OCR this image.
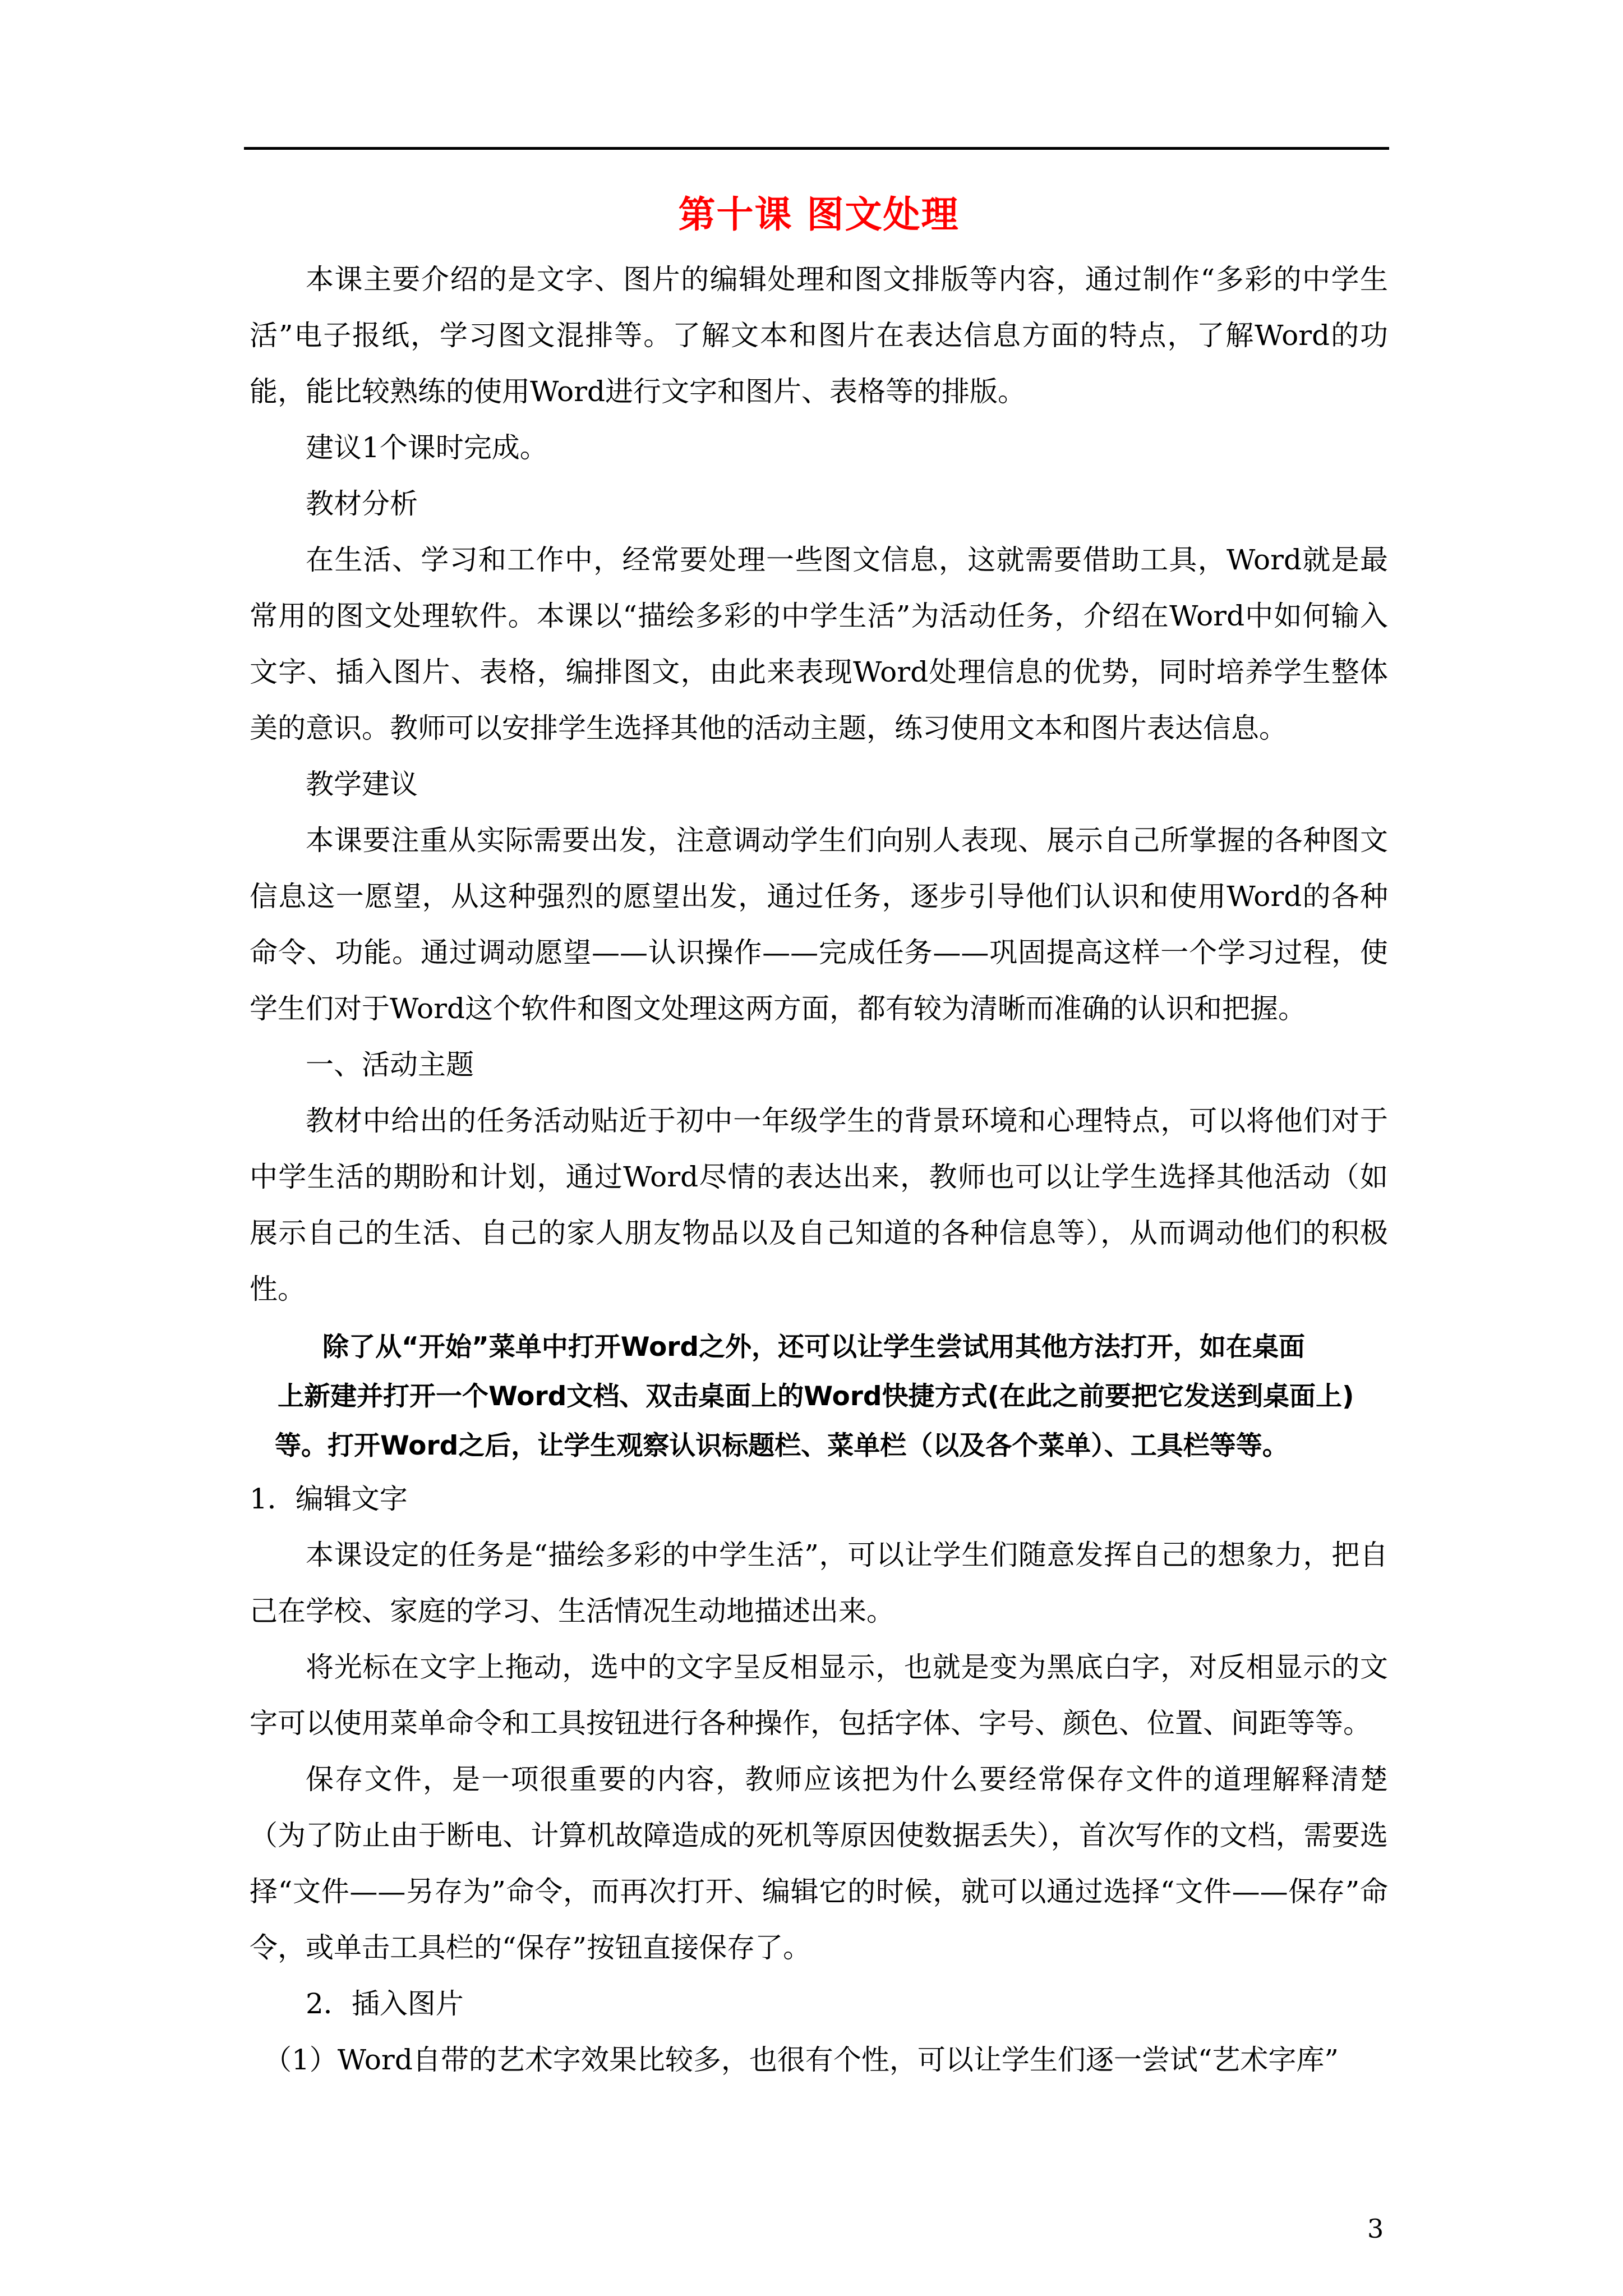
第十课 图文处理

本课主要介绍的是文字、图片的编辑处理和图文排版等内容，通过制作“多彩的中学生活”电子报纸，学习图文混排等。了解文本和图片在表达信息方面的特点，了解Word的功能，能比较熟练的使用Word进行文字和图片、表格等的排版。

建议1个课时完成。

教材分析

在生活、学习和工作中，经常要处理一些图文信息，这就需要借助工具，Word就是最常用的图文处理软件。本课以“描绘多彩的中学生活”为活动任务，介绍在Word中如何输入文字、插入图片、表格，编排图文，由此来表现Word处理信息的优势，同时培养学生整体美的意识。教师可以安排学生选择其他的活动主题，练习使用文本和图片表达信息。

教学建议

本课要注重从实际需要出发，注意调动学生们向别人表现、展示自己所掌握的各种图文信息这一愿望，从这种强烈的愿望出发，通过任务，逐步引导他们认识和使用Word的各种命令、功能。通过调动愿望——认识操作——完成任务——巩固提高这样一个学习过程，使学生们对于Word这个软件和图文处理这两方面，都有较为清晰而准确的认识和把握。

一、活动主题

教材中给出的任务活动贴近于初中一年级学生的背景环境和心理特点，可以将他们对于中学生活的期盼和计划，通过Word尽情的表达出来，教师也可以让学生选择其他活动（如展示自己的生活、自己的家人朋友物品以及自己知道的各种信息等），从而调动他们的积极性。

除了从“开始”菜单中打开Word之外，还可以让学生尝试用其他方法打开，如在桌面
上新建并打开一个Word文档、双击桌面上的Word快捷方式(在此之前要把它发送到桌面上)
等。打开Word之后，让学生观察认识标题栏、菜单栏（以及各个菜单）、工具栏等等。

1．编辑文字

本课设定的任务是“描绘多彩的中学生活”，可以让学生们随意发挥自己的想象力，把自己在学校、家庭的学习、生活情况生动地描述出来。

将光标在文字上拖动，选中的文字呈反相显示，也就是变为黑底白字，对反相显示的文字可以使用菜单命令和工具按钮进行各种操作，包括字体、字号、颜色、位置、间距等等。

保存文件，是一项很重要的内容，教师应该把为什么要经常保存文件的道理解释清楚（为了防止由于断电、计算机故障造成的死机等原因使数据丢失），首次写作的文档，需要选择“文件——另存为”命令，而再次打开、编辑它的时候，就可以通过选择“文件——保存”命令，或单击工具栏的“保存”按钮直接保存了。

2．插入图片

（1）Word自带的艺术字效果比较多，也很有个性，可以让学生们逐一尝试“艺术字库”

3
